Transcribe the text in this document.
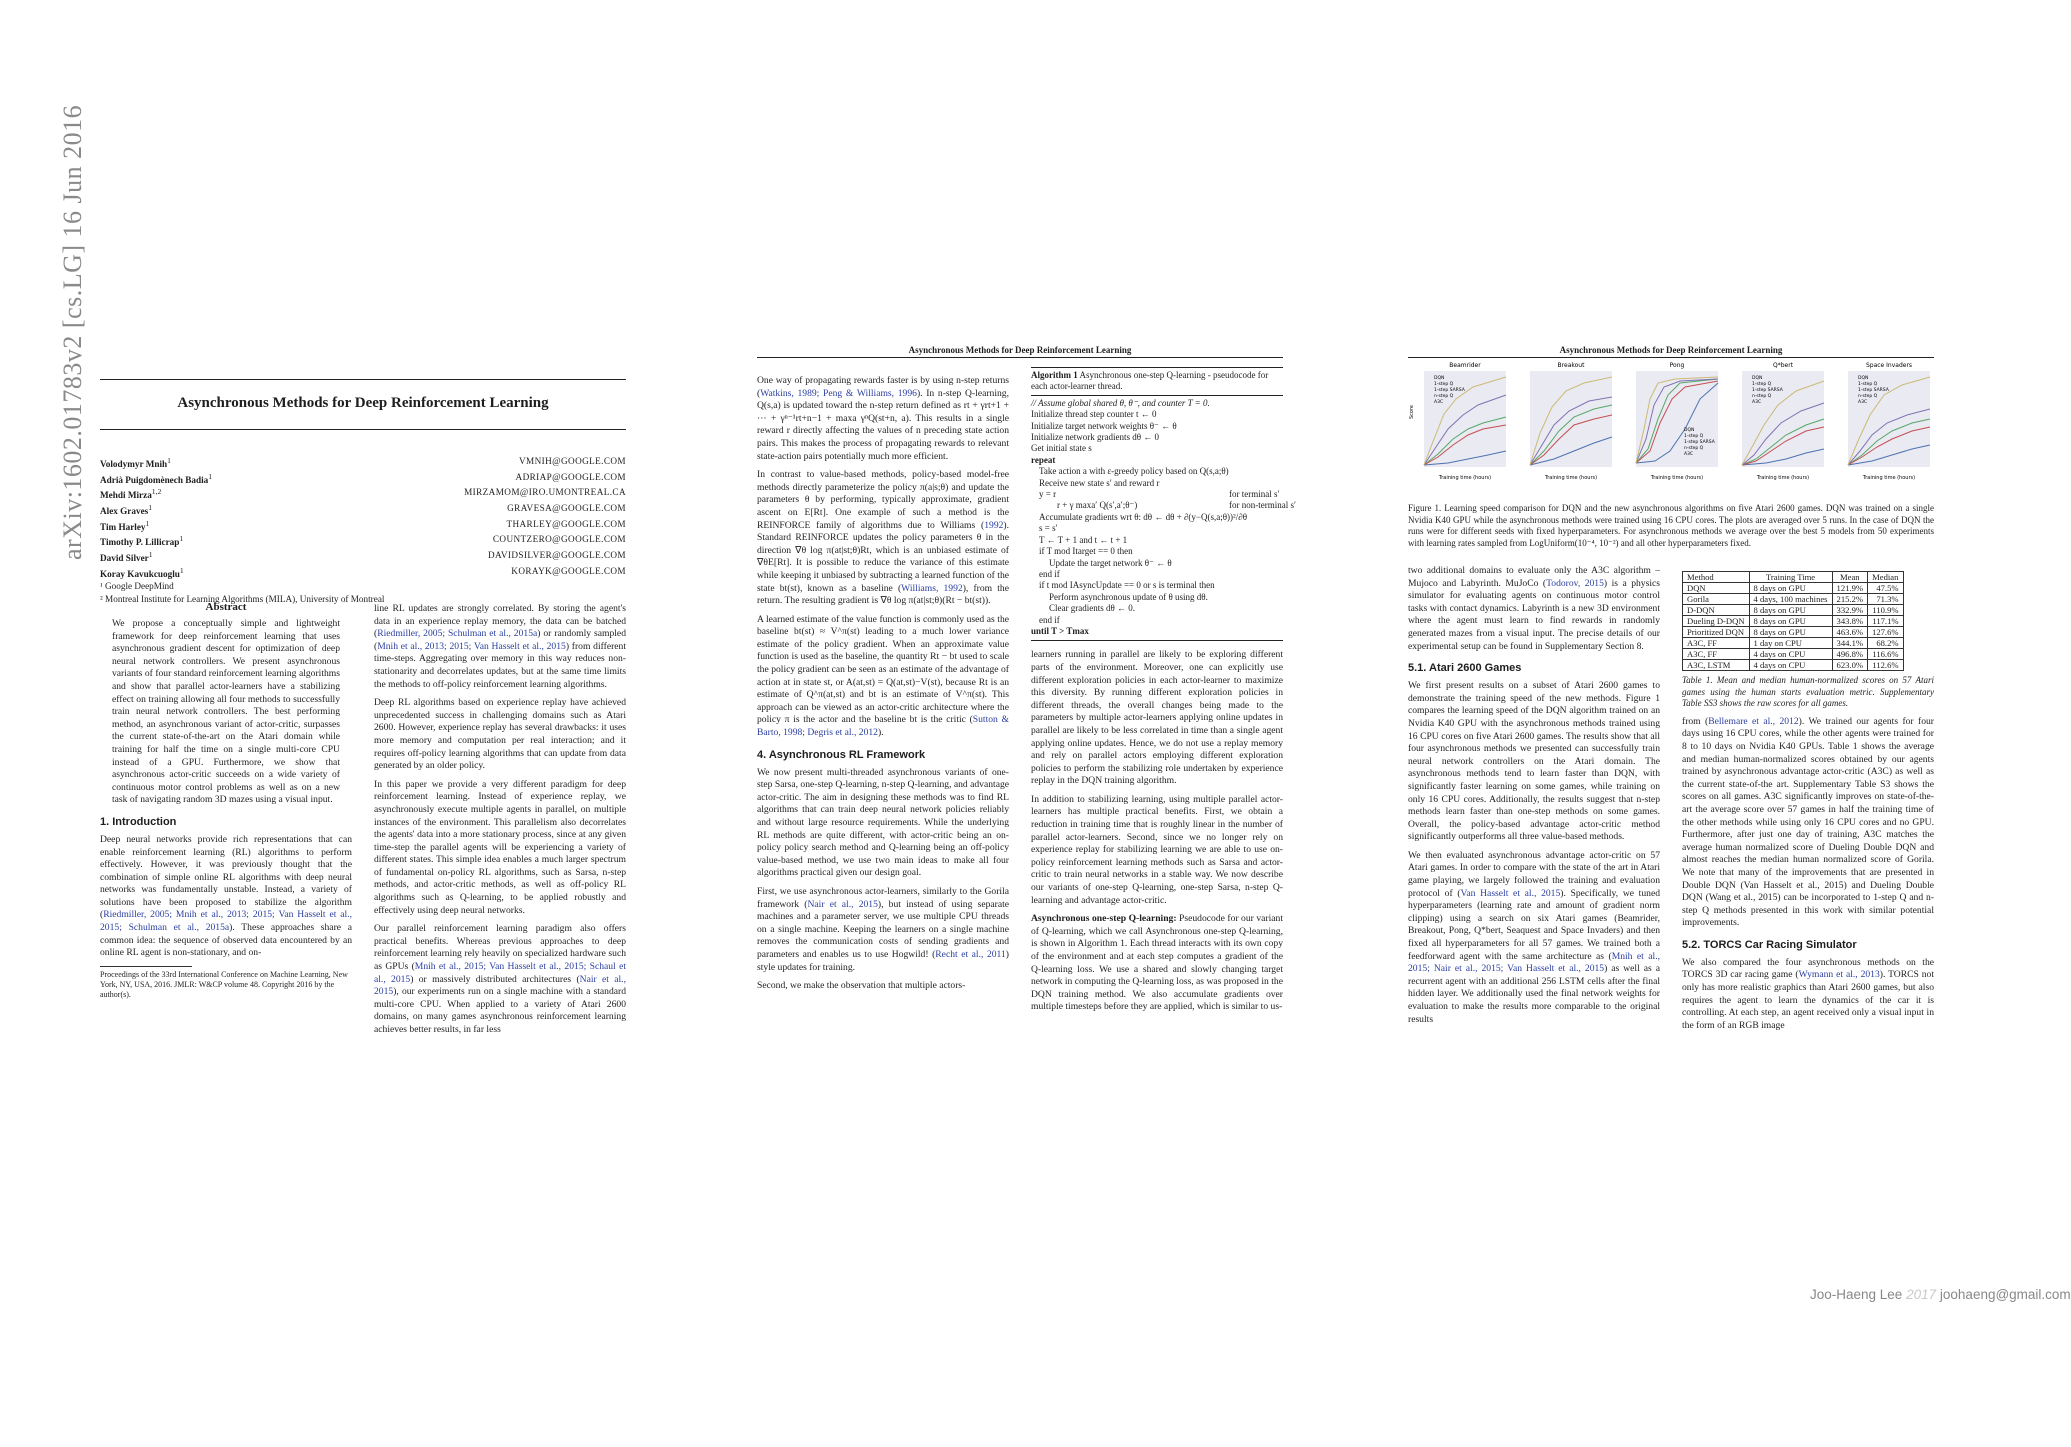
arXiv:1602.01783v2 [cs.LG] 16 Jun 2016	Asynchronous Methods for Deep Reinforcement Learning
Volodymyr Mnih$^1$	VMNIH@GOOGLE.COM
Adrià Puigdomènech Badia$^1$	ADRIAP@GOOGLE.COM
Mehdi Mirza$^{1,2}$	MIRZAMOM@IRO.UMONTREAL.CA
Alex Graves$^1$	GRAVESA@GOOGLE.COM
Tim Harley$^1$	THARLEY@GOOGLE.COM
Timothy P. Lillicrap$^1$	COUNTZERO@GOOGLE.COM
David Silver$^1$	DAVIDSILVER@GOOGLE.COM
Koray Kavukcuoglu$^1$	KORAYK@GOOGLE.COM
¹ Google DeepMind
² Montreal Institute for Learning Algorithms (MILA), University of Montreal
Abstract

We propose a conceptually simple and lightweight framework for deep reinforcement learning that uses asynchronous gradient descent for optimization of deep neural network controllers. We present asynchronous variants of four standard reinforcement learning algorithms and show that parallel actor-learners have a stabilizing effect on training allowing all four methods to successfully train neural network controllers. The best performing method, an asynchronous variant of actor-critic, surpasses the current state-of-the-art on the Atari domain while training for half the time on a single multi-core CPU instead of a GPU. Furthermore, we show that asynchronous actor-critic succeeds on a wide variety of continuous motor control problems as well as on a new task of navigating random 3D mazes using a visual input.

1. Introduction

Deep neural networks provide rich representations that can enable reinforcement learning (RL) algorithms to perform effectively. However, it was previously thought that the combination of simple online RL algorithms with deep neural networks was fundamentally unstable. Instead, a variety of solutions have been proposed to stabilize the algorithm (Riedmiller, 2005; Mnih et al., 2013; 2015; Van Hasselt et al., 2015; Schulman et al., 2015a). These approaches share a common idea: the sequence of observed data encountered by an online RL agent is non-stationary, and on-

Proceedings of the 33rd International Conference on Machine Learning, New York, NY, USA, 2016. JMLR: W&CP volume 48. Copyright 2016 by the author(s).

line RL updates are strongly correlated. By storing the agent's data in an experience replay memory, the data can be batched (Riedmiller, 2005; Schulman et al., 2015a) or randomly sampled (Mnih et al., 2013; 2015; Van Hasselt et al., 2015) from different time-steps. Aggregating over memory in this way reduces non-stationarity and decorrelates updates, but at the same time limits the methods to off-policy reinforcement learning algorithms.

Deep RL algorithms based on experience replay have achieved unprecedented success in challenging domains such as Atari 2600. However, experience replay has several drawbacks: it uses more memory and computation per real interaction; and it requires off-policy learning algorithms that can update from data generated by an older policy.

In this paper we provide a very different paradigm for deep reinforcement learning. Instead of experience replay, we asynchronously execute multiple agents in parallel, on multiple instances of the environment. This parallelism also decorrelates the agents' data into a more stationary process, since at any given time-step the parallel agents will be experiencing a variety of different states. This simple idea enables a much larger spectrum of fundamental on-policy RL algorithms, such as Sarsa, n-step methods, and actor-critic methods, as well as off-policy RL algorithms such as Q-learning, to be applied robustly and effectively using deep neural networks.

Our parallel reinforcement learning paradigm also offers practical benefits. Whereas previous approaches to deep reinforcement learning rely heavily on specialized hardware such as GPUs (Mnih et al., 2015; Van Hasselt et al., 2015; Schaul et al., 2015) or massively distributed architectures (Nair et al., 2015), our experiments run on a single machine with a standard multi-core CPU. When applied to a variety of Atari 2600 domains, on many games asynchronous reinforcement learning achieves better results, in far less

Asynchronous Methods for Deep Reinforcement Learning

One way of propagating rewards faster is by using n-step returns (Watkins, 1989; Peng & Williams, 1996). In n-step Q-learning, Q(s,a) is updated toward the n-step return defined as rt + γrt+1 + ··· + γⁿ⁻¹rt+n−1 + maxa γⁿQ(st+n, a). This results in a single reward r directly affecting the values of n preceding state action pairs. This makes the process of propagating rewards to relevant state-action pairs potentially much more efficient.

In contrast to value-based methods, policy-based model-free methods directly parameterize the policy π(a|s;θ) and update the parameters θ by performing, typically approximate, gradient ascent on E[Rt]. One example of such a method is the REINFORCE family of algorithms due to Williams (1992). Standard REINFORCE updates the policy parameters θ in the direction ∇θ log π(at|st;θ)Rt, which is an unbiased estimate of ∇θE[Rt]. It is possible to reduce the variance of this estimate while keeping it unbiased by subtracting a learned function of the state bt(st), known as a baseline (Williams, 1992), from the return. The resulting gradient is ∇θ log π(at|st;θ)(Rt − bt(st)).

A learned estimate of the value function is commonly used as the baseline bt(st) ≈ V^π(st) leading to a much lower variance estimate of the policy gradient. When an approximate value function is used as the baseline, the quantity Rt − bt used to scale the policy gradient can be seen as an estimate of the advantage of action at in state st, or A(at,st) = Q(at,st)−V(st), because Rt is an estimate of Q^π(at,st) and bt is an estimate of V^π(st). This approach can be viewed as an actor-critic architecture where the policy π is the actor and the baseline bt is the critic (Sutton & Barto, 1998; Degris et al., 2012).

4. Asynchronous RL Framework

We now present multi-threaded asynchronous variants of one-step Sarsa, one-step Q-learning, n-step Q-learning, and advantage actor-critic. The aim in designing these methods was to find RL algorithms that can train deep neural network policies reliably and without large resource requirements. While the underlying RL methods are quite different, with actor-critic being an on-policy policy search method and Q-learning being an off-policy value-based method, we use two main ideas to make all four algorithms practical given our design goal.

First, we use asynchronous actor-learners, similarly to the Gorila framework (Nair et al., 2015), but instead of using separate machines and a parameter server, we use multiple CPU threads on a single machine. Keeping the learners on a single machine removes the communication costs of sending gradients and parameters and enables us to use Hogwild! (Recht et al., 2011) style updates for training.

Second, we make the observation that multiple actors-

Algorithm 1 Asynchronous one-step Q-learning - pseudocode for each actor-learner thread.
// Assume global shared θ, θ⁻, and counter T = 0.
Initialize thread step counter t ← 0
Initialize target network weights θ⁻ ← θ
Initialize network gradients dθ ← 0
Get initial state s
repeat
Take action a with ε-greedy policy based on Q(s,a;θ)
Receive new state s′ and reward r
y = r	for terminal s′
r + γ maxa′ Q(s′,a′;θ⁻)	for non-terminal s′
Accumulate gradients wrt θ: dθ ← dθ + ∂(y−Q(s,a;θ))²/∂θ
s = s′
T ← T + 1 and t ← t + 1
if T mod Itarget == 0 then
Update the target network θ⁻ ← θ
end if
if t mod IAsyncUpdate == 0 or s is terminal then
Perform asynchronous update of θ using dθ.
Clear gradients dθ ← 0.
end if
until T > Tmax

learners running in parallel are likely to be exploring different parts of the environment. Moreover, one can explicitly use different exploration policies in each actor-learner to maximize this diversity. By running different exploration policies in different threads, the overall changes being made to the parameters by multiple actor-learners applying online updates in parallel are likely to be less correlated in time than a single agent applying online updates. Hence, we do not use a replay memory and rely on parallel actors employing different exploration policies to perform the stabilizing role undertaken by experience replay in the DQN training algorithm.

In addition to stabilizing learning, using multiple parallel actor-learners has multiple practical benefits. First, we obtain a reduction in training time that is roughly linear in the number of parallel actor-learners. Second, since we no longer rely on experience replay for stabilizing learning we are able to use on-policy reinforcement learning methods such as Sarsa and actor-critic to train neural networks in a stable way. We now describe our variants of one-step Q-learning, one-step Sarsa, n-step Q-learning and advantage actor-critic.

Asynchronous one-step Q-learning: Pseudocode for our variant of Q-learning, which we call Asynchronous one-step Q-learning, is shown in Algorithm 1. Each thread interacts with its own copy of the environment and at each step computes a gradient of the Q-learning loss. We use a shared and slowly changing target network in computing the Q-learning loss, as was proposed in the DQN training method. We also accumulate gradients over multiple timesteps before they are applied, which is similar to us-

Asynchronous Methods for Deep Reinforcement Learning
Beamrider
Training time (hours)
Score
DQN
1-step Q
1-step SARSA
n-step Q
A3C
Breakout
Training time (hours)
Pong
Training time (hours)
DQN
1-step Q
1-step SARSA
n-step Q
A3C
Q*bert
Training time (hours)
DQN
1-step Q
1-step SARSA
n-step Q
A3C
Space Invaders
Training time (hours)
DQN
1-step Q
1-step SARSA
n-step Q
A3C

Figure 1. Learning speed comparison for DQN and the new asynchronous algorithms on five Atari 2600 games. DQN was trained on a single Nvidia K40 GPU while the asynchronous methods were trained using 16 CPU cores. The plots are averaged over 5 runs. In the case of DQN the runs were for different seeds with fixed hyperparameters. For asynchronous methods we average over the best 5 models from 50 experiments with learning rates sampled from LogUniform(10⁻⁴, 10⁻²) and all other hyperparameters fixed.

two additional domains to evaluate only the A3C algorithm – Mujoco and Labyrinth. MuJoCo (Todorov, 2015) is a physics simulator for evaluating agents on continuous motor control tasks with contact dynamics. Labyrinth is a new 3D environment where the agent must learn to find rewards in randomly generated mazes from a visual input. The precise details of our experimental setup can be found in Supplementary Section 8.

5.1. Atari 2600 Games

We first present results on a subset of Atari 2600 games to demonstrate the training speed of the new methods. Figure 1 compares the learning speed of the DQN algorithm trained on an Nvidia K40 GPU with the asynchronous methods trained using 16 CPU cores on five Atari 2600 games. The results show that all four asynchronous methods we presented can successfully train neural network controllers on the Atari domain. The asynchronous methods tend to learn faster than DQN, with significantly faster learning on some games, while training on only 16 CPU cores. Additionally, the results suggest that n-step methods learn faster than one-step methods on some games. Overall, the policy-based advantage actor-critic method significantly outperforms all three value-based methods.

We then evaluated asynchronous advantage actor-critic on 57 Atari games. In order to compare with the state of the art in Atari game playing, we largely followed the training and evaluation protocol of (Van Hasselt et al., 2015). Specifically, we tuned hyperparameters (learning rate and amount of gradient norm clipping) using a search on six Atari games (Beamrider, Breakout, Pong, Q*bert, Seaquest and Space Invaders) and then fixed all hyperparameters for all 57 games. We trained both a feedforward agent with the same architecture as (Mnih et al., 2015; Nair et al., 2015; Van Hasselt et al., 2015) as well as a recurrent agent with an additional 256 LSTM cells after the final hidden layer. We additionally used the final network weights for evaluation to make the results more comparable to the original results

Method	Training Time	Mean	Median
DQN	8 days on GPU	121.9%	47.5%
Gorila	4 days, 100 machines	215.2%	71.3%
D-DQN	8 days on GPU	332.9%	110.9%
Dueling D-DQN	8 days on GPU	343.8%	117.1%
Prioritized DQN	8 days on GPU	463.6%	127.6%
A3C, FF	1 day on CPU	344.1%	68.2%
A3C, FF	4 days on CPU	496.8%	116.6%
A3C, LSTM	4 days on CPU	623.0%	112.6%

Table 1. Mean and median human-normalized scores on 57 Atari games using the human starts evaluation metric. Supplementary Table SS3 shows the raw scores for all games.

from (Bellemare et al., 2012). We trained our agents for four days using 16 CPU cores, while the other agents were trained for 8 to 10 days on Nvidia K40 GPUs. Table 1 shows the average and median human-normalized scores obtained by our agents trained by asynchronous advantage actor-critic (A3C) as well as the current state-of-the art. Supplementary Table S3 shows the scores on all games. A3C significantly improves on state-of-the-art the average score over 57 games in half the training time of the other methods while using only 16 CPU cores and no GPU. Furthermore, after just one day of training, A3C matches the average human normalized score of Dueling Double DQN and almost reaches the median human normalized score of Gorila. We note that many of the improvements that are presented in Double DQN (Van Hasselt et al., 2015) and Dueling Double DQN (Wang et al., 2015) can be incorporated to 1-step Q and n-step Q methods presented in this work with similar potential improvements.

5.2. TORCS Car Racing Simulator

We also compared the four asynchronous methods on the TORCS 3D car racing game (Wymann et al., 2013). TORCS not only has more realistic graphics than Atari 2600 games, but also requires the agent to learn the dynamics of the car it is controlling. At each step, an agent received only a visual input in the form of an RGB image

Joo-Haeng Lee 2017 joohaeng@gmail.com
